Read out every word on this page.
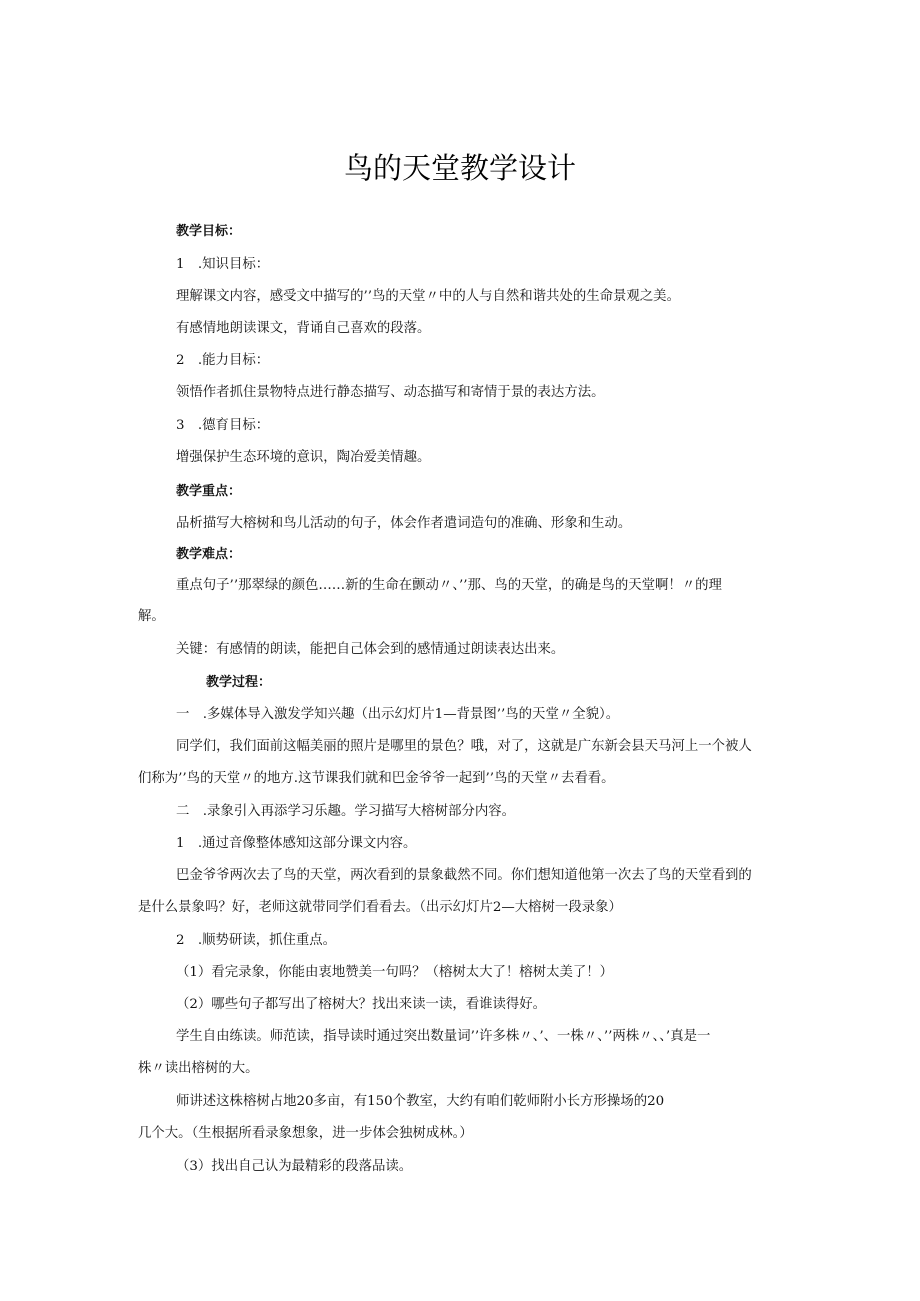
鸟的天堂教学设计
教学目标：
1　.知识目标：
理解课文内容，感受文中描写的’’鸟的天堂〃中的人与自然和谐共处的生命景观之美。
有感情地朗读课文，背诵自己喜欢的段落。
2　.能力目标：
领悟作者抓住景物特点进行静态描写、动态描写和寄情于景的表达方法。
3　.德育目标：
增强保护生态环境的意识，陶冶爱美情趣。
教学重点：
品析描写大榕树和鸟儿活动的句子，体会作者遣词造句的准确、形象和生动。
教学难点：
重点句子’’那翠绿的颜色……新的生命在颤动〃、’’那、鸟的天堂，的确是鸟的天堂啊！〃的理
解。
关键：有感情的朗读，能把自己体会到的感情通过朗读表达出来。
教学过程：
一　.多媒体导入激发学知兴趣（出示幻灯片1—背景图’’鸟的天堂〃全貌）。
同学们，我们面前这幅美丽的照片是哪里的景色？哦，对了，这就是广东新会县天马河上一个被人
们称为’’鸟的天堂〃的地方.这节课我们就和巴金爷爷一起到’’鸟的天堂〃去看看。
二　.录象引入再添学习乐趣。学习描写大榕树部分内容。
1　.通过音像整体感知这部分课文内容。
巴金爷爷两次去了鸟的天堂，两次看到的景象截然不同。你们想知道他第一次去了鸟的天堂看到的
是什么景象吗？好，老师这就带同学们看看去。（出示幻灯片2—大榕树一段录象）
2　.顺势研读，抓住重点。
（1）看完录象，你能由衷地赞美一句吗？（榕树太大了！榕树太美了！）
（2）哪些句子都写出了榕树大？找出来读一读，看谁读得好。
学生自由练读。师范读，指导读时通过突出数量词’’许多株〃、’、一株〃、’’两株〃、、’真是一
株〃读出榕树的大。
师讲述这株榕树占地20多亩，有150个教室，大约有咱们乾师附小长方形操场的20
几个大。（生根据所看录象想象，进一步体会独树成林。）
（3）找出自己认为最精彩的段落品读。
